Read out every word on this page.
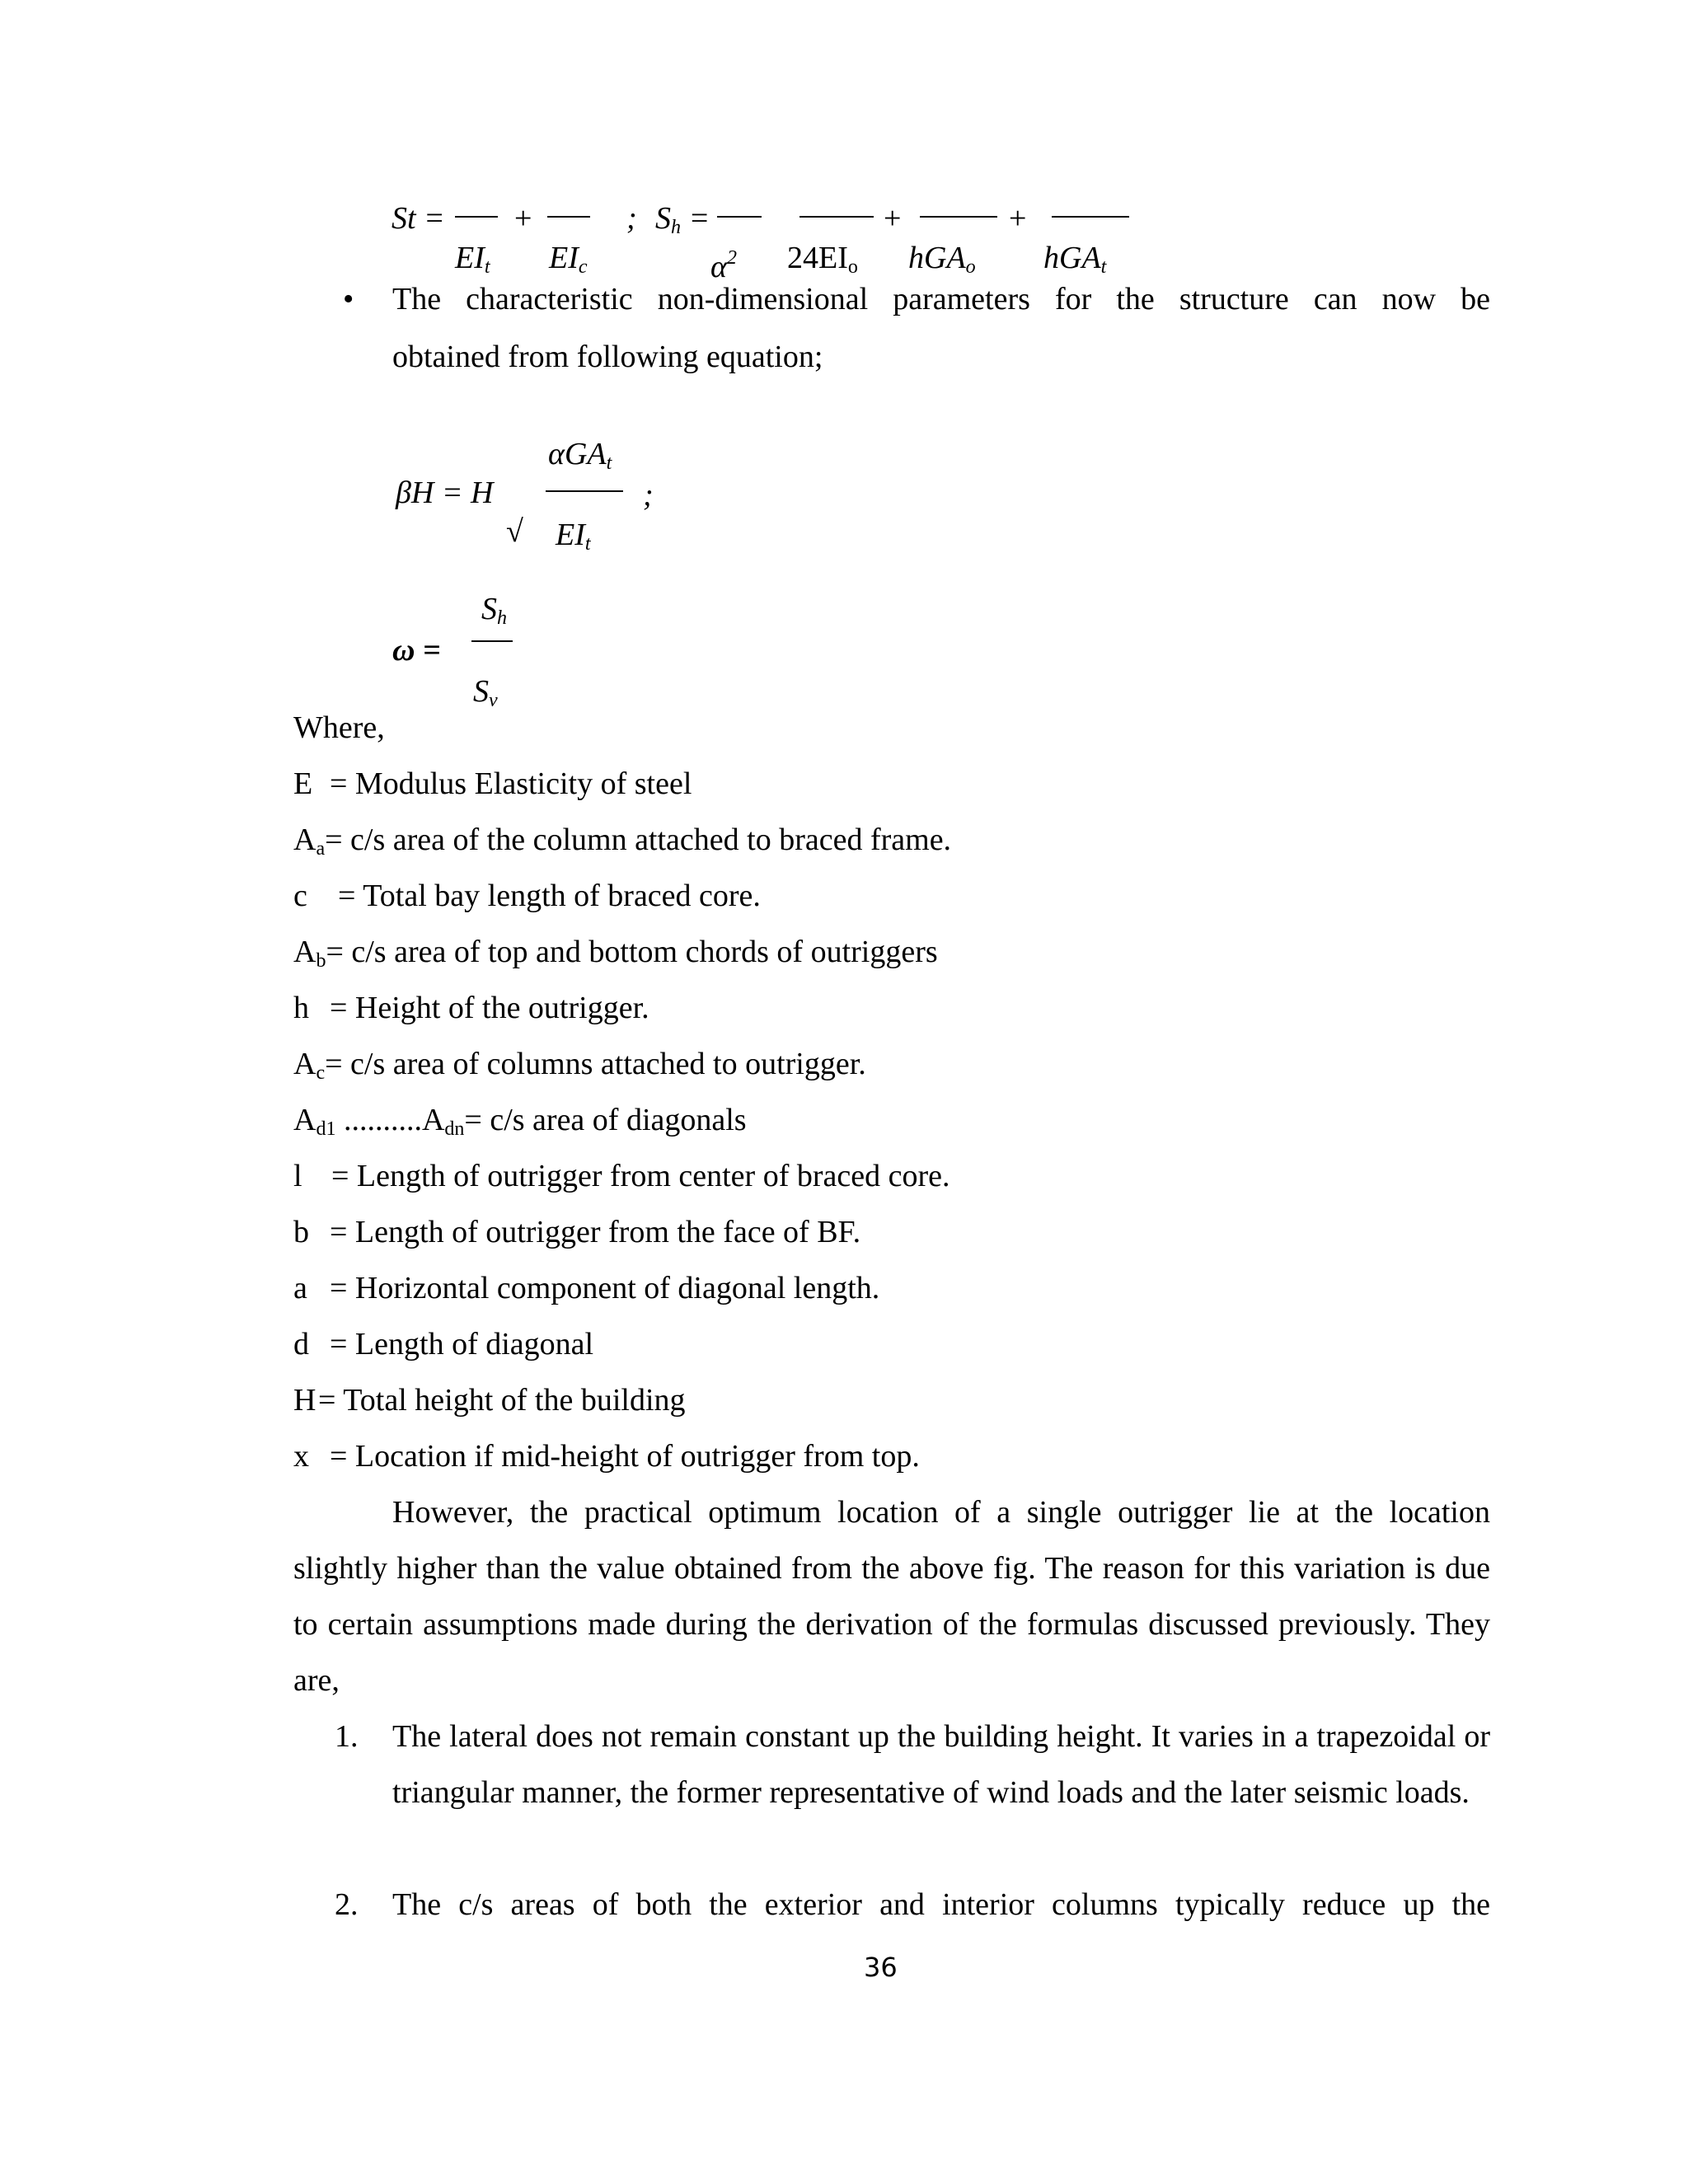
St = +
$EI_t$ $EI_c$
; $S_h$ =	+	+
$\alpha^2$ $24EI_o$ hGA$_o$ hGA$_t$
• The characteristic non-dimensional parameters for the structure can now be
obtained from following equation;
αGA$_t$
βH = H	;
√ $EI_t$
$S_h$
ω =
$S_v$
Where,
E = Modulus Elasticity of steel
Aa= c/s area of the column attached to braced frame.
c = Total bay length of braced core.
Ab= c/s area of top and bottom chords of outriggers
h = Height of the outrigger.
Ac= c/s area of columns attached to outrigger.
Ad1 ..........Adn= c/s area of diagonals
l = Length of outrigger from center of braced core.
b = Length of outrigger from the face of BF.
a = Horizontal component of diagonal length.
d = Length of diagonal
H= Total height of the building
x = Location if mid-height of outrigger from top.
However, the practical optimum location of a single outrigger lie at the location slightly higher than the value obtained from the above fig. The reason for this variation is due to certain assumptions made during the derivation of the formulas discussed previously. They are,
1. The lateral does not remain constant up the building height. It varies in a trapezoidal or triangular manner, the former representative of wind loads and the later seismic loads.
2. The c/s areas of both the exterior and interior columns typically reduce up the
36
